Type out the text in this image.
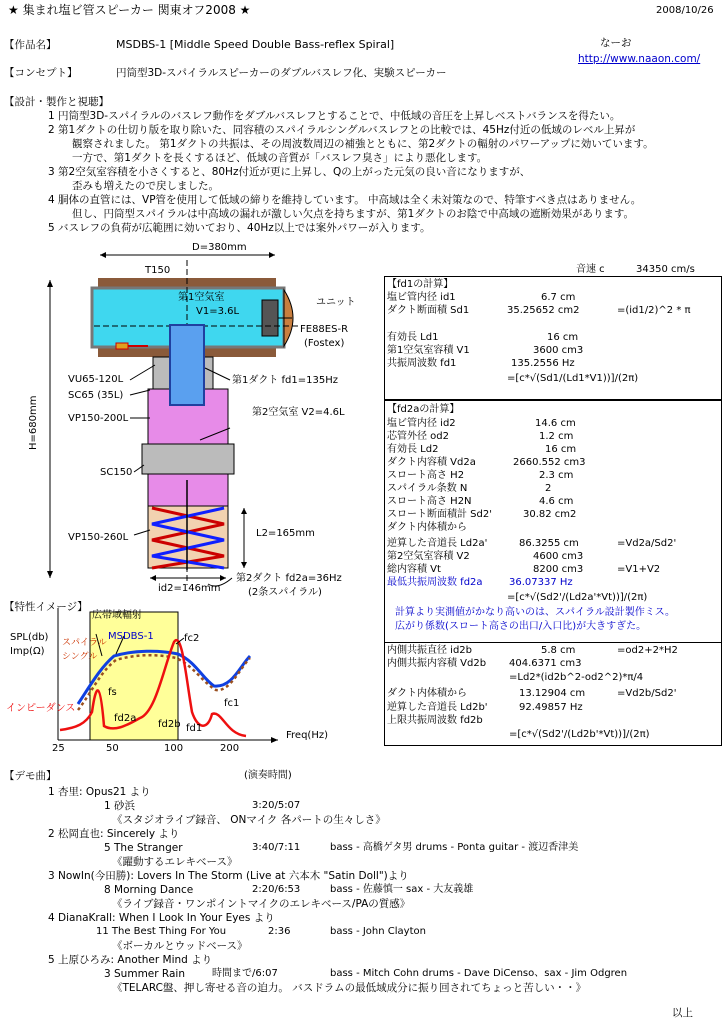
★ 集まれ塩ビ管スピーカー 関東オフ2008 ★	2008/10/26
【作品名】	MSDBS-1 [Middle Speed Double Bass-reflex Spiral]	なーお
http://www.naaon.com/
【コンセプト】	円筒型3D-スパイラルスピーカーのダブルバスレフ化、実験スピーカー
【設計・製作と視聴】
1 円筒型3D-スパイラルのバスレフ動作をダブルバスレフとすることで、中低域の音圧を上昇しベストバランスを得たい。
2 第1ダクトの仕切り版を取り除いた、同容積のスパイラルシングルバスレフとの比較では、45Hz付近の低域のレベル上昇が
観察されました。 第1ダクトの共振は、その周波数周辺の補強とともに、第2ダクトの輻射のパワーアップに効いています。
一方で、第1ダクトを長くするほど、低域の音質が「バスレフ臭さ」により悪化します。
3 第2空気室容積を小さくすると、80Hz付近が更に上昇し、Qの上がった元気の良い音になりますが、
歪みも増えたので戻しました。
4 胴体の直管には、VP管を使用して低域の締りを維持しています。 中高域は全く未対策なので、特筆すべき点はありません。
但し、円筒型スパイラルは中高域の漏れが激しい欠点を持ちますが、第1ダクトのお陰で中高域の遮断効果があります。
5 バスレフの負荷が広範囲に効いており、40Hz以上では案外パワーが入ります。
D=380mm
T150
第1空気室
V1=3.6L
ユニット
FE88ES-R
(Fostex)
VU65-120L
SC65 (35L)
第1ダクト fd1=135Hz
VP150-200L
第2空気室 V2=4.6L
H=680mm
SC150
L2=165mm
VP150-260L
id2=146mm
第2ダクト fd2a=36Hz
(2条スパイラル)
音速 c	34350 cm/s
【fd1の計算】
塩ビ管内径 id1	6.7 cm
ダクト断面積 Sd1	35.25652 cm2	=(id1/2)^2 * π
有効長 Ld1	16 cm
第1空気室容積 V1	3600 cm3
共振周波数 fd1	135.2556 Hz
=[c*√(Sd1/(Ld1*V1))]/(2π)
【fd2aの計算】
塩ビ管内径 id2	14.6 cm
芯管外径 od2	1.2 cm
有効長 Ld2	16 cm
ダクト内容積 Vd2a	2660.552 cm3
スロート高さ H2	2.3 cm
スパイラル条数 N	2
スロート高さ H2N	4.6 cm
スロート断面積計 Sd2'	30.82 cm2
ダクト内体積から
逆算した音道長 Ld2a'	86.3255 cm	=Vd2a/Sd2'
第2空気室容積 V2	4600 cm3
総内容積 Vt	8200 cm3	=V1+V2
最低共振周波数 fd2a	36.07337 Hz
=[c*√(Sd2'/(Ld2a'*Vt))]/(2π)
計算より実測値がかなり高いのは、スパイラル設計製作ミス。
広がり係数(スロート高さの出口/入口比)が大きすぎた。
内側共振直径 id2b	5.8 cm	=od2+2*H2
内側共振内容積 Vd2b 404.6371 cm3
=Ld2*(id2b^2-od2^2)*π/4
ダクト内体積から	13.12904 cm	=Vd2b/Sd2'
逆算した音道長 Ld2b'	92.49857 Hz
上限共振周波数 fd2b
=[c*√(Sd2'/(Ld2b'*Vt))]/(2π)
【特性イメージ】
広帯域輻射
SPL(db)
Imp(Ω)
スパイラル
シングル
MSDBS-1	fc2
fs
インピーダンス
fd2a
fd2b fd1
fc1
Freq(Hz)
25	50	100	200
【デモ曲】	(演奏時間)
1 杏里: Opus21 より
1 砂浜	3:20/5:07
《スタジオライブ録音、 ONマイク 各パートの生々しさ》
2 松岡直也: Sincerely より
5 The Stranger	3:40/7:11	bass - 高橋ゲタ男 drums - Ponta guitar - 渡辺香津美
《躍動するエレキベース》
3 NowIn(今田勝): Lovers In The Storm (Live at 六本木 "Satin Doll")より
8 Morning Dance	2:20/6:53	bass - 佐藤慎一 sax - 大友義雄
《ライブ録音・ワンポイントマイクのエレキベース/PAの質感》
4 DianaKrall: When I Look In Your Eyes より
11 The Best Thing For You	2:36	bass - John Clayton
《ボーカルとウッドベース》
5 上原ひろみ: Another Mind より
3 Summer Rain	時間まで/6:07	bass - Mitch Cohn drums - Dave DiCenso、sax - Jim Odgren
《TELARC盤、押し寄せる音の迫力。 バスドラムの最低域成分に振り回されてちょっと苦しい・・》
以上
